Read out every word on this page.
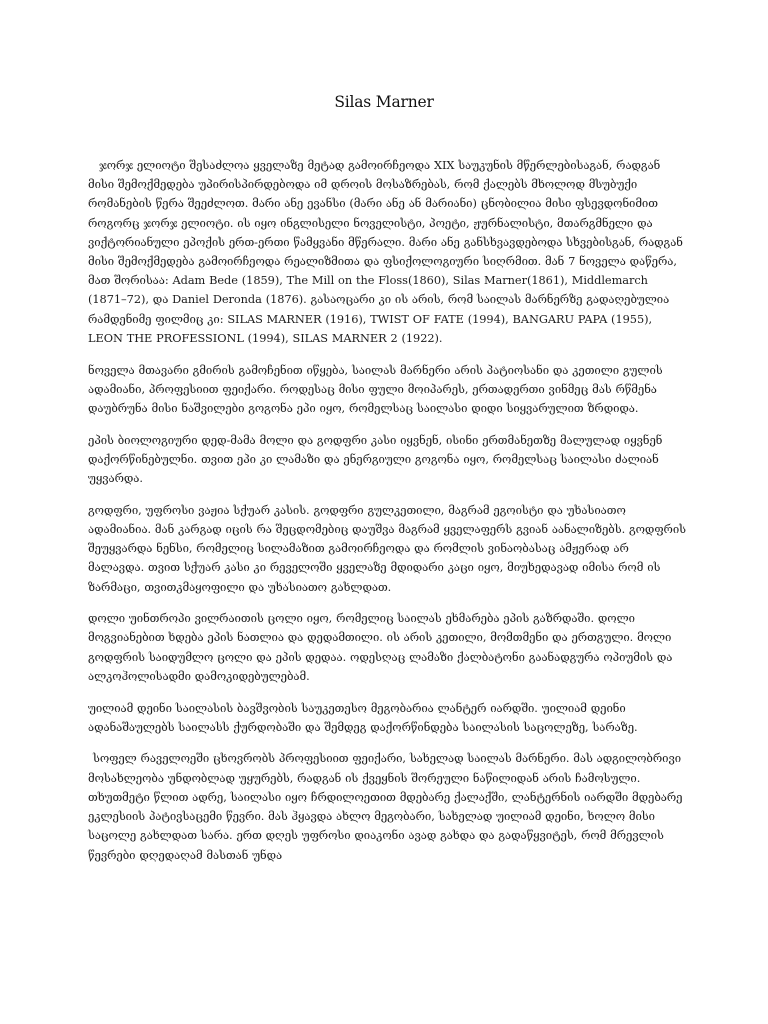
Silas Marner

ჯორჯ ელიოტი შესაძლოა ყველაზე მეტად გამოირჩეოდა XIX საუკუნის მწერლებისაგან, რადგან მისი შემოქმედება უპირისპირდებოდა იმ დროის მოსაზრებას, რომ ქალებს მხოლოდ მსუბუქი რომანების წერა შეეძლოთ. მარი ანე ევანსი (მარი ანე ან მარიანი) ცნობილია მისი ფსევდონიმით როგორც ჯორჯ ელიოტი. ის იყო ინგლისელი ნოველისტი, პოეტი, ჟურნალისტი, მთარგმნელი და ვიქტორიანული ეპოქის ერთ-ერთი წამყვანი მწერალი. მარი ანე განსხვავდებოდა სხვებისგან, რადგან მისი შემოქმედება გამოირჩეოდა რეალიზმითა და ფსიქოლოგიური სიღრმით. მან 7 ნოველა დაწერა, მათ შორისაა: Adam Bede (1859), The Mill on the Floss(1860), Silas Marner(1861), Middlemarch (1871–72), და Daniel Deronda (1876). გასაოცარი კი ის არის, რომ საილას მარნერზე გადაღებულია რამდენიმე ფილმიც კი: SILAS MARNER (1916), TWIST OF FATE (1994), BANGARU PAPA (1955), LEON THE PROFESSIONL (1994), SILAS MARNER 2 (1922).

ნოველა მთავარი გმირის გამოჩენით იწყება, საილას მარნერი არის პატიოსანი და კეთილი გულის ადამიანი, პროფესიით ფეიქარი. როდესაც მისი ფული მოიპარეს, ერთადერთი ვინმეც მას რწმენა დაუბრუნა მისი ნაშვილები გოგონა ეპი იყო, რომელსაც საილასი დიდი სიყვარულით ზრდიდა.

ეპის ბიოლოგიური დედ-მამა მოლი და გოდფრი კასი იყვნენ, ისინი ერთმანეთზე მალულად იყვნენ დაქორწინებულნი. თვით ეპი კი ლამაზი და ენერგიული გოგონა იყო, რომელსაც საილასი ძალიან უყვარდა.

გოდფრი, უფროსი ვაჟია სქუარ კასის. გოდფრი გულკეთილი, მაგრამ ეგოისტი და უხასიათო ადამიანია. მან კარგად იცის რა შეცდომებიც დაუშვა მაგრამ ყველაფერს გვიან აანალიზებს. გოდფრის შეუყვარდა ნენსი, რომელიც სილამაზით გამოირჩეოდა და რომლის ვინაობასაც ამჟერად არ მალავდა. თვით სქუარ კასი კი რეველოში ყველაზე მდიდარი კაცი იყო, მიუხედავად იმისა რომ ის ზარმაცი, თვითკმაყოფილი და უხასიათო გახლდათ.

დოლი უინთროპი ვილრაითის ცოლი იყო, რომელიც საილას ეხმარება ეპის გაზრდაში. დოლი მოგვიანებით ხდება ეპის ნათლია და დედამთილი. ის არის კეთილი, მომთმენი და ერთგული. მოლი გოდფრის საიდუმლო ცოლი და ეპის დედაა. ოდესღაც ლამაზი ქალბატონი გაანადგურა ოპიუმის და ალკოჰოლისადმი დამოკიდებულებამ.

უილიამ დეინი საილასის ბავშვობის საუკეთესო მეგობარია ლანტერ იარდში. უილიამ დეინი ადანაშაულებს საილასს ქურდობაში და შემდეგ დაქორწინდება საილასის საცოლეზე, სარაზე.

სოფელ რაველოეში ცხოვრობს პროფესიით ფეიქარი, სახელად საილას მარნერი. მას ადგილობრივი მოსახლეობა უნდობლად უყურებს, რადგან ის ქვეყნის შორეული ნაწილიდან არის ჩამოსული. თხუთმეტი წლით ადრე, საილასი იყო ჩრდილოეთით მდებარე ქალაქში, ლანტერნის იარდში მდებარე ეკლესიის პატივსაცემი წევრი. მას ჰყავდა ახლო მეგობარი, სახელად უილიამ დეინი, ხოლო მისი საცოლე გახლდათ სარა. ერთ დღეს უფროსი დიაკონი ავად გახდა და გადაწყვიტეს, რომ მრევლის წევრები დღედაღამ მასთან უნდა
